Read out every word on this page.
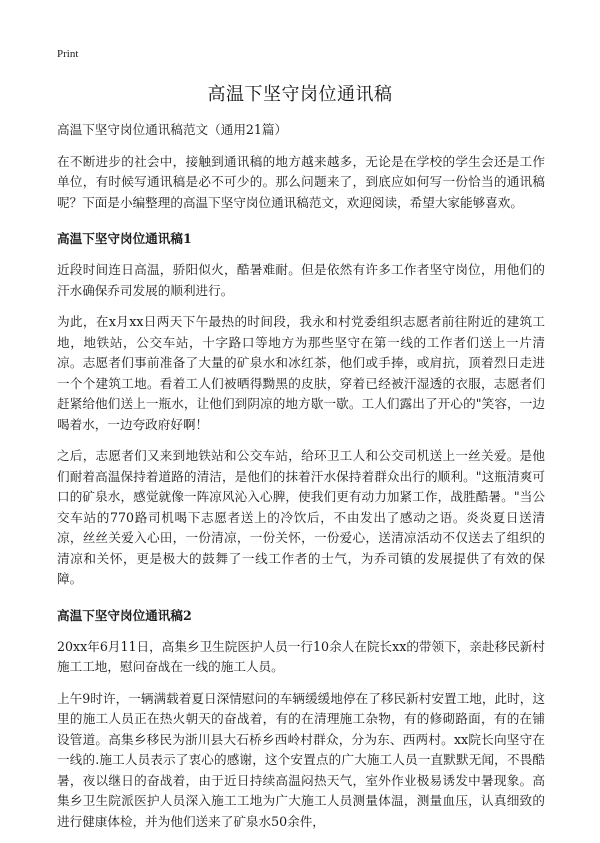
Print
高温下坚守岗位通讯稿

高温下坚守岗位通讯稿范文（通用21篇）

在不断进步的社会中，接触到通讯稿的地方越来越多，无论是在学校的学生会还是工作单位，有时候写通讯稿是必不可少的。那么问题来了，到底应如何写一份恰当的通讯稿呢？下面是小编整理的高温下坚守岗位通讯稿范文，欢迎阅读，希望大家能够喜欢。

高温下坚守岗位通讯稿1

近段时间连日高温，骄阳似火，酷暑难耐。但是依然有许多工作者坚守岗位，用他们的汗水确保乔司发展的顺利进行。

为此，在x月xx日两天下午最热的时间段，我永和村党委组织志愿者前往附近的建筑工地，地铁站，公交车站，十字路口等地方为那些坚守在第一线的工作者们送上一片清凉。志愿者们事前准备了大量的矿泉水和冰红茶，他们或手捧，或肩抗，顶着烈日走进一个个建筑工地。看着工人们被晒得黝黑的皮肤，穿着已经被汗湿透的衣服，志愿者们赶紧给他们送上一瓶水，让他们到阴凉的地方歇一歇。工人们露出了开心的"笑容，一边喝着水，一边夸政府好啊！

之后，志愿者们又来到地铁站和公交车站，给环卫工人和公交司机送上一丝关爱。是他们耐着高温保持着道路的清洁，是他们的抹着汗水保持着群众出行的顺利。"这瓶清爽可口的矿泉水，感觉就像一阵凉风沁入心脾，使我们更有动力加紧工作，战胜酷暑。"当公交车站的770路司机喝下志愿者送上的冷饮后，不由发出了感动之语。炎炎夏日送清凉，丝丝关爱入心田，一份清凉，一份关怀，一份爱心，送清凉活动不仅送去了组织的清凉和关怀，更是极大的鼓舞了一线工作者的士气，为乔司镇的发展提供了有效的保障。

高温下坚守岗位通讯稿2

20xx年6月11日，高集乡卫生院医护人员一行10余人在院长xx的带领下，亲赴移民新村施工工地，慰问奋战在一线的施工人员。

上午9时许，一辆满载着夏日深情慰问的车辆缓缓地停在了移民新村安置工地，此时，这里的施工人员正在热火朝天的奋战着，有的在清理施工杂物，有的修砌路面，有的在铺设管道。高集乡移民为浙川县大石桥乡西岭村群众，分为东、西两村。xx院长向坚守在一线的.施工人员表示了衷心的感谢，这个安置点的广大施工人员一直默默无闻，不畏酷暑，夜以继日的奋战着，由于近日持续高温闷热天气，室外作业极易诱发中暑现象。高集乡卫生院派医护人员深入施工工地为广大施工人员测量体温，测量血压，认真细致的进行健康体检，并为他们送来了矿泉水50余件，
